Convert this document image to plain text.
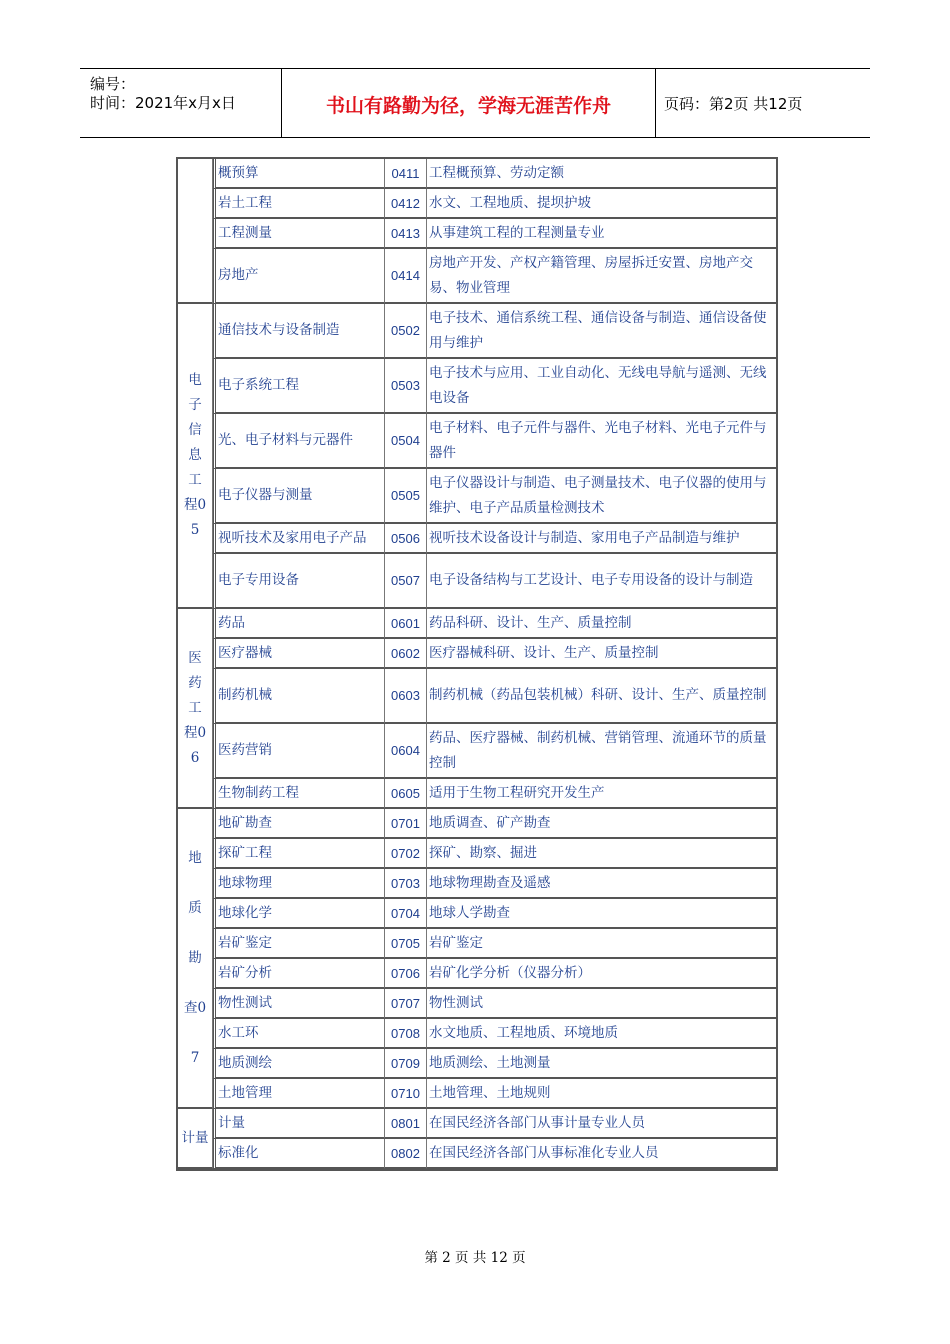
编号：
时间：2021年x月x日	书山有路勤为径，学海无涯苦作舟	页码：第2页 共12页
	概预算	0411	工程概预算、劳动定额
	岩土工程	0412	水文、工程地质、提坝护坡
	工程测量	0413	从事建筑工程的工程测量专业
	房地产	0414	房地产开发、产权产籍管理、房屋拆迁安置、房地产交易、物业管理
电子信息工程05	通信技术与设备制造	0502	电子技术、通信系统工程、通信设备与制造、通信设备使用与维护
	电子系统工程	0503	电子技术与应用、工业自动化、无线电导航与遥测、无线电设备
	光、电子材料与元器件	0504	电子材料、电子元件与器件、光电子材料、光电子元件与器件
	电子仪器与测量	0505	电子仪器设计与制造、电子测量技术、电子仪器的使用与维护、电子产品质量检测技术
	视听技术及家用电子产品	0506	视听技术设备设计与制造、家用电子产品制造与维护
	电子专用设备	0507	电子设备结构与工艺设计、电子专用设备的设计与制造
医药工程06	药品	0601	药品科研、设计、生产、质量控制
	医疗器械	0602	医疗器械科研、设计、生产、质量控制
	制药机械	0603	制药机械（药品包装机械）科研、设计、生产、质量控制
	医药营销	0604	药品、医疗器械、制药机械、营销管理、流通环节的质量控制
	生物制药工程	0605	适用于生物工程研究开发生产
地质勘查07	地矿勘查	0701	地质调查、矿产勘查
	探矿工程	0702	探矿、勘察、掘进
	地球物理	0703	地球物理勘查及遥感
	地球化学	0704	地球人学勘查
	岩矿鉴定	0705	岩矿鉴定
	岩矿分析	0706	岩矿化学分析（仪器分析）
	物性测试	0707	物性测试
	水工环	0708	水文地质、工程地质、环境地质
	地质测绘	0709	地质测绘、土地测量
	土地管理	0710	土地管理、土地规则
计量	计量	0801	在国民经济各部门从事计量专业人员
	标准化	0802	在国民经济各部门从事标准化专业人员
第 2 页 共 12 页
